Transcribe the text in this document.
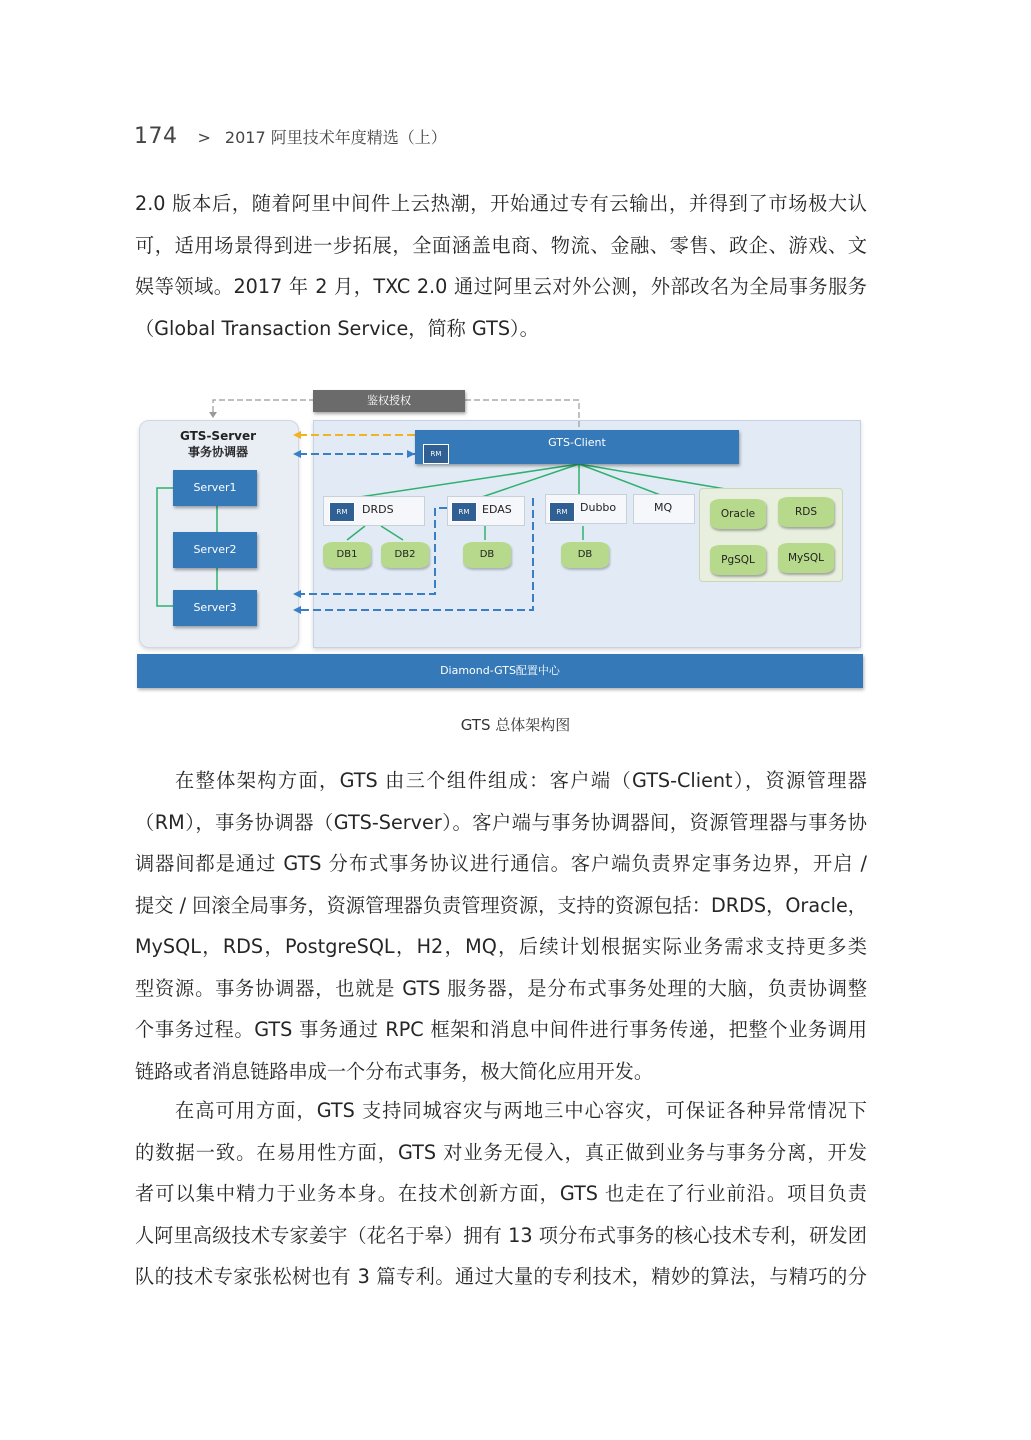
174 > 2017 阿里技术年度精选（上）
2.0 版本后，随着阿里中间件上云热潮，开始通过专有云输出，并得到了市场极大认
可，适用场景得到进一步拓展，全面涵盖电商、物流、金融、零售、政企、游戏、文
娱等领域。2017 年 2 月，TXC 2.0 通过阿里云对外公测，外部改名为全局事务服务
（Global Transaction Service，简称 GTS）。
鉴权授权
GTS-Server
事务协调器
Server1
Server2
Server3
GTS-Client
RM
DRDS
RM	EDAS
RM	Dubbo
RM	MQ
DB1	DB2	DB	DB
Oracle	RDS
PgSQL	MySQL
Diamond-GTS配置中心
GTS 总体架构图
在整体架构方面，GTS 由三个组件组成：客户端（GTS-Client），资源管理器
（RM），事务协调器（GTS-Server）。客户端与事务协调器间，资源管理器与事务协
调器间都是通过 GTS 分布式事务协议进行通信。客户端负责界定事务边界，开启 /
提交 / 回滚全局事务，资源管理器负责管理资源，支持的资源包括：DRDS，Oracle，
MySQL，RDS，PostgreSQL，H2，MQ，后续计划根据实际业务需求支持更多类
型资源。事务协调器，也就是 GTS 服务器，是分布式事务处理的大脑，负责协调整
个事务过程。GTS 事务通过 RPC 框架和消息中间件进行事务传递，把整个业务调用
链路或者消息链路串成一个分布式事务，极大简化应用开发。
在高可用方面，GTS 支持同城容灾与两地三中心容灾，可保证各种异常情况下
的数据一致。在易用性方面，GTS 对业务无侵入，真正做到业务与事务分离，开发
者可以集中精力于业务本身。在技术创新方面，GTS 也走在了行业前沿。项目负责
人阿里高级技术专家姜宇（花名于皋）拥有 13 项分布式事务的核心技术专利，研发团
队的技术专家张松树也有 3 篇专利。通过大量的专利技术，精妙的算法，与精巧的分
